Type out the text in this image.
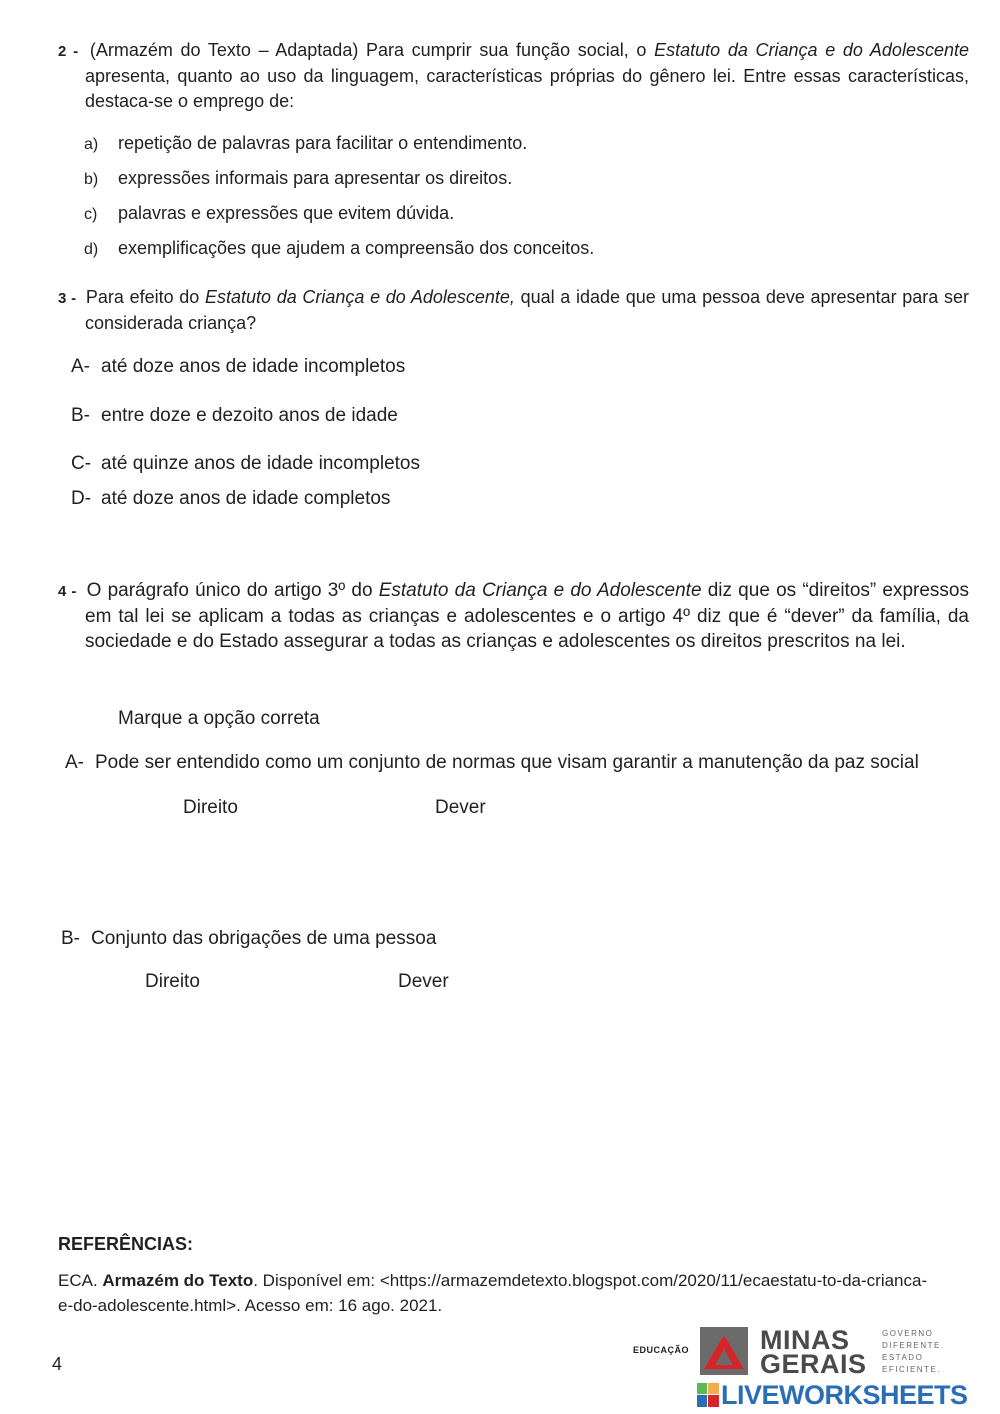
2 - (Armazém do Texto – Adaptada) Para cumprir sua função social, o Estatuto da Criança e do Adolescente apresenta, quanto ao uso da linguagem, características próprias do gênero lei. Entre essas características, destaca-se o emprego de:
a) repetição de palavras para facilitar o entendimento.
b) expressões informais para apresentar os direitos.
c) palavras e expressões que evitem dúvida.
d) exemplificações que ajudem a compreensão dos conceitos.
3 - Para efeito do Estatuto da Criança e do Adolescente, qual a idade que uma pessoa deve apresentar para ser considerada criança?
A- até doze anos de idade incompletos
B- entre doze e dezoito anos de idade
C- até quinze anos de idade incompletos
D- até doze anos de idade completos
4 - O parágrafo único do artigo 3º do Estatuto da Criança e do Adolescente diz que os “direitos” expressos em tal lei se aplicam a todas as crianças e adolescentes e o artigo 4º diz que é “dever” da família, da sociedade e do Estado assegurar a todas as crianças e adolescentes os direitos prescritos na lei.
Marque a opção correta
A- Pode ser entendido como um conjunto de normas que visam garantir a manutenção da paz social
Direito	Dever
B- Conjunto das obrigações de uma pessoa
Direito	Dever
REFERÊNCIAS:
ECA. Armazém do Texto. Disponível em: <https://armazemdetexto.blogspot.com/2020/11/ecaestatu-to-da-crianca-e-do-adolescente.html>. Acesso em: 16 ago. 2021.
4
EDUCAÇÃO	MINAS
GERAIS
GOVERNO
DIFERENTE.
ESTADO
EFICIENTE.
LIVEWORKSHEETS
